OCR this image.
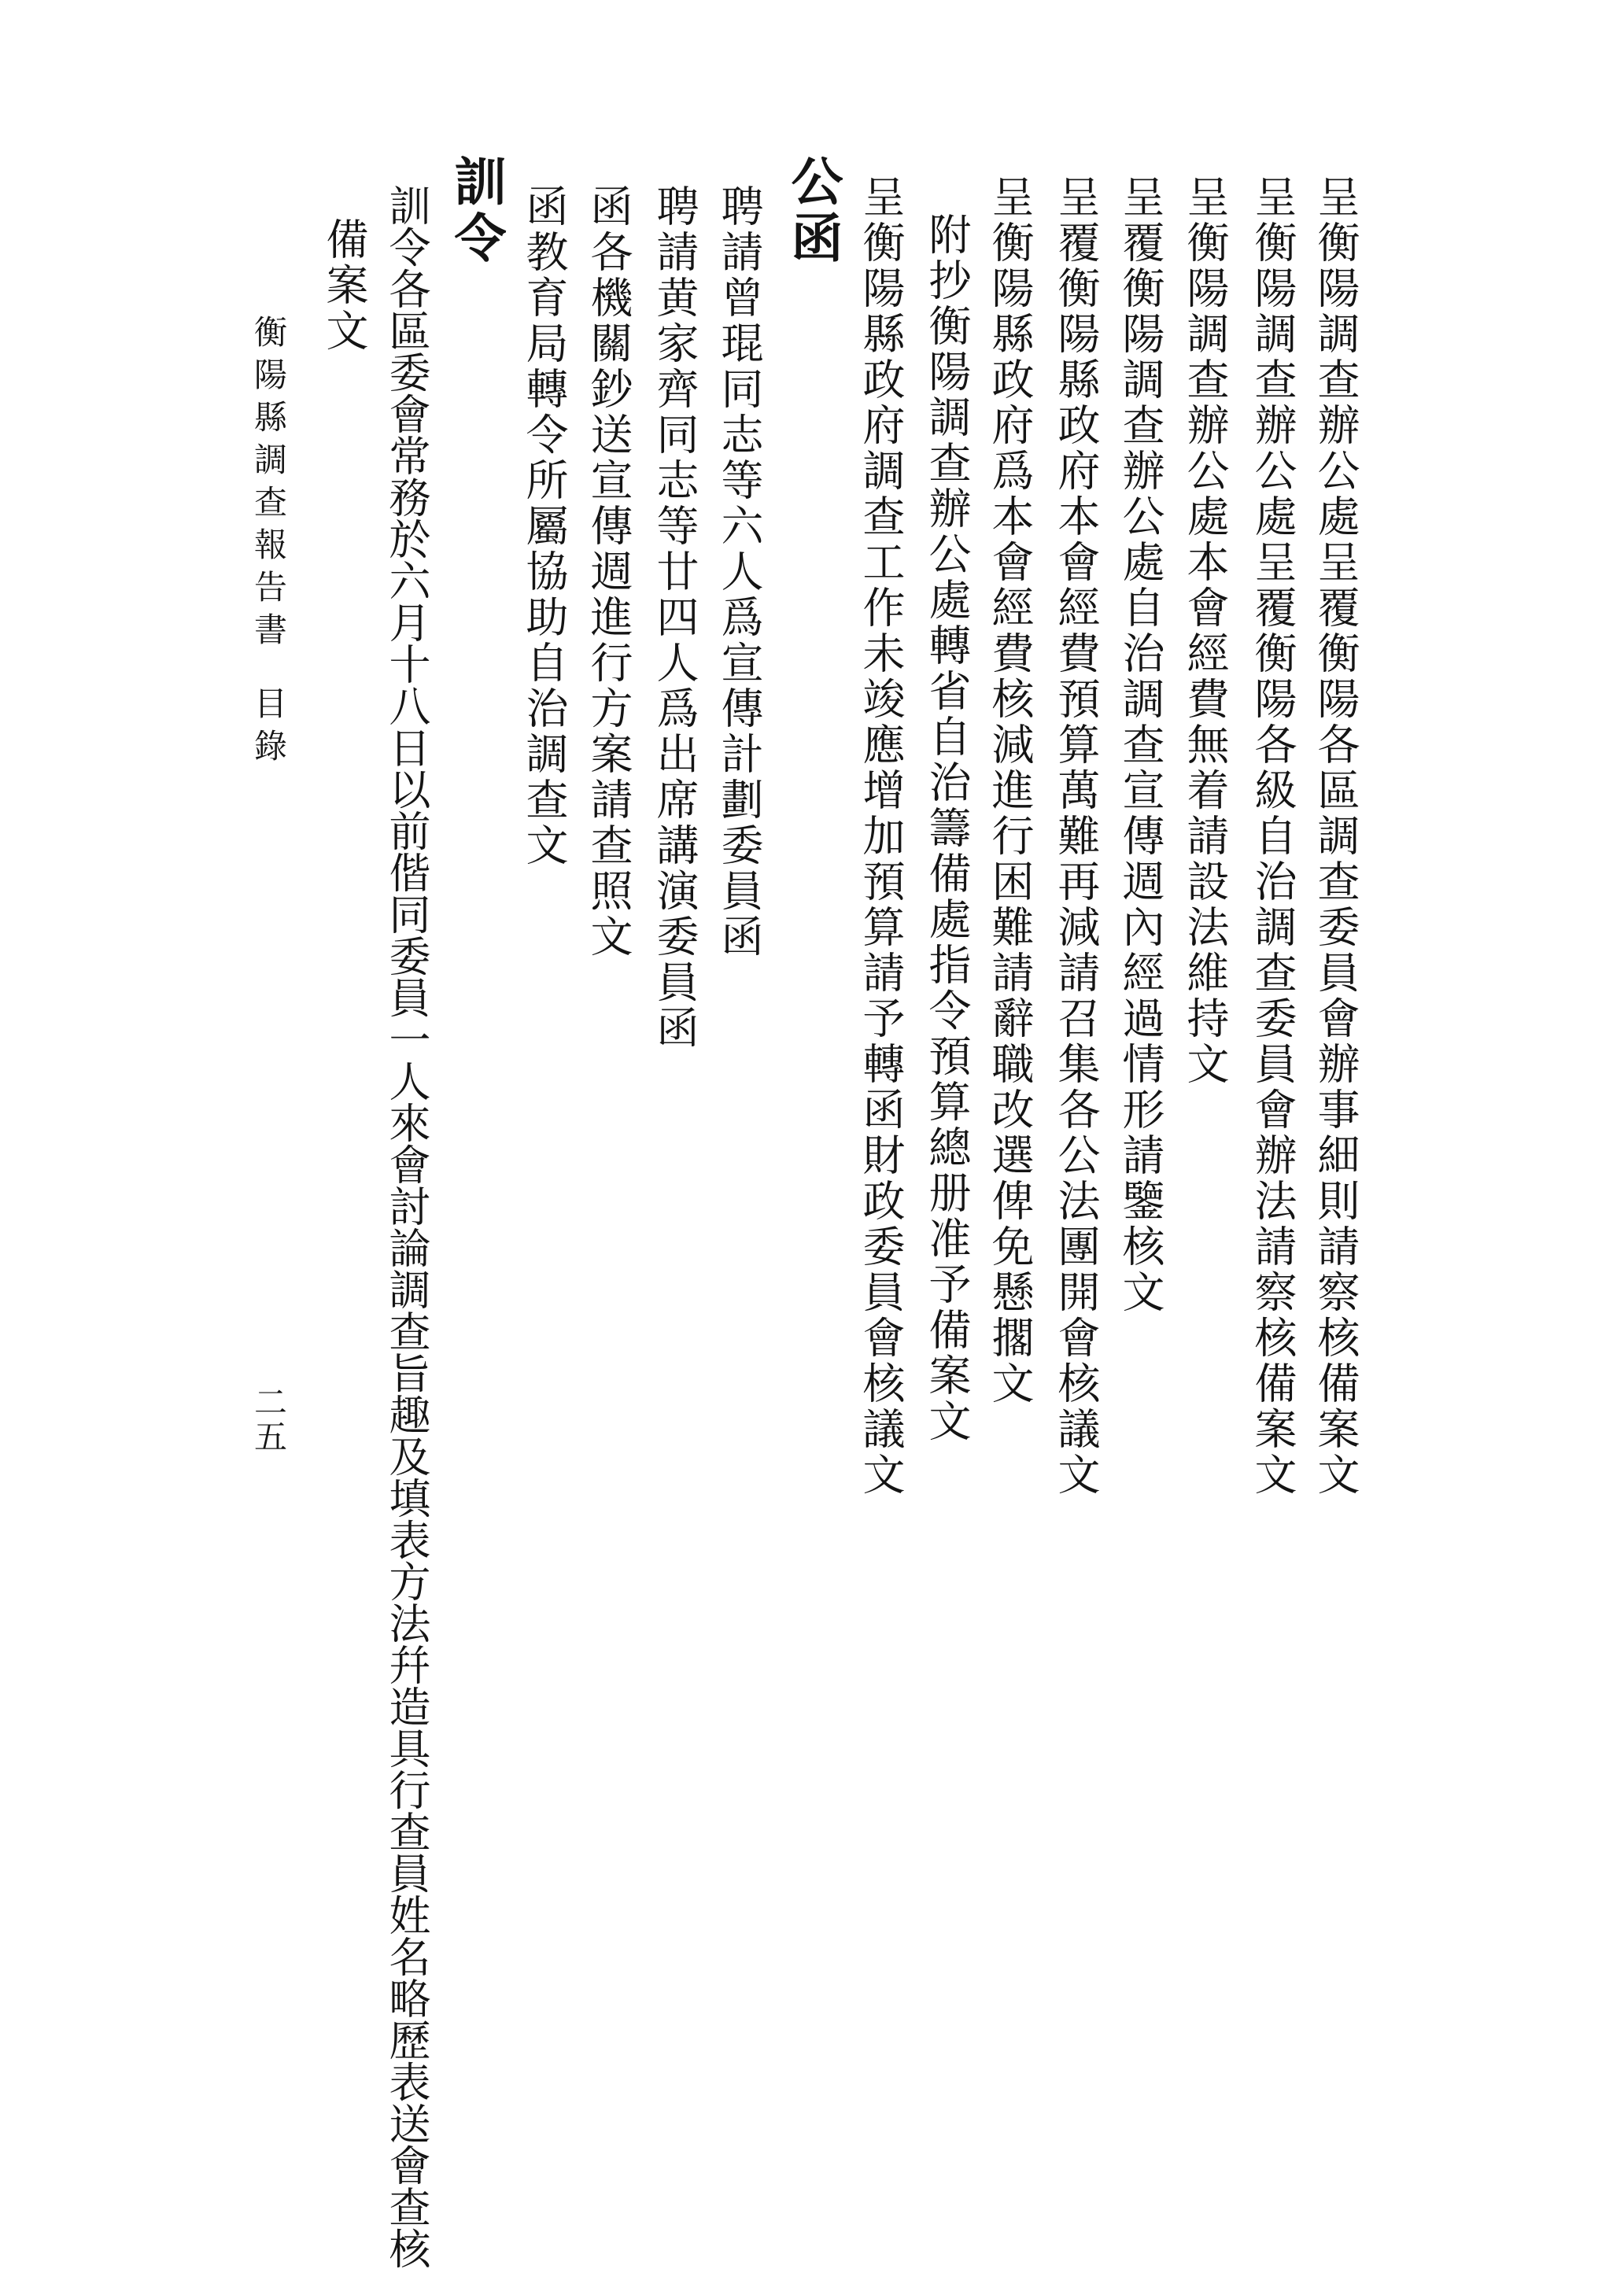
呈衡陽調查辦公處呈覆衡陽各區調查委員會辦事細則請察核備案文
呈衡陽調查辦公處呈覆衡陽各級自治調查委員會辦法請察核備案文
呈衡陽調查辦公處本會經費無着請設法維持文
呈覆衡陽調查辦公處自治調查宣傳週內經過情形請鑒核文
呈覆衡陽縣政府本會經費預算萬難再減請召集各公法團開會核議文
呈衡陽縣政府爲本會經費核減進行困難請辭職改選俾免懸擱文
附抄衡陽調查辦公處轉省自治籌備處指令預算總册准予備案文
呈衡陽縣政府調查工作未竣應增加預算請予轉函財政委員會核議文
公函
聘請曾琨同志等六人爲宣傳計劃委員函
聘請黄家齊同志等廿四人爲出席講演委員函
函各機關鈔送宣傳週進行方案請查照文
函教育局轉令所屬協助自治調查文
訓令
訓令各區委會常務於六月十八日以前偕同委員一人來會討論調查旨趣及填表方法幷造具行查員姓名略歷表送會查核
備案文
衡陽縣調查報告書目錄
二五
